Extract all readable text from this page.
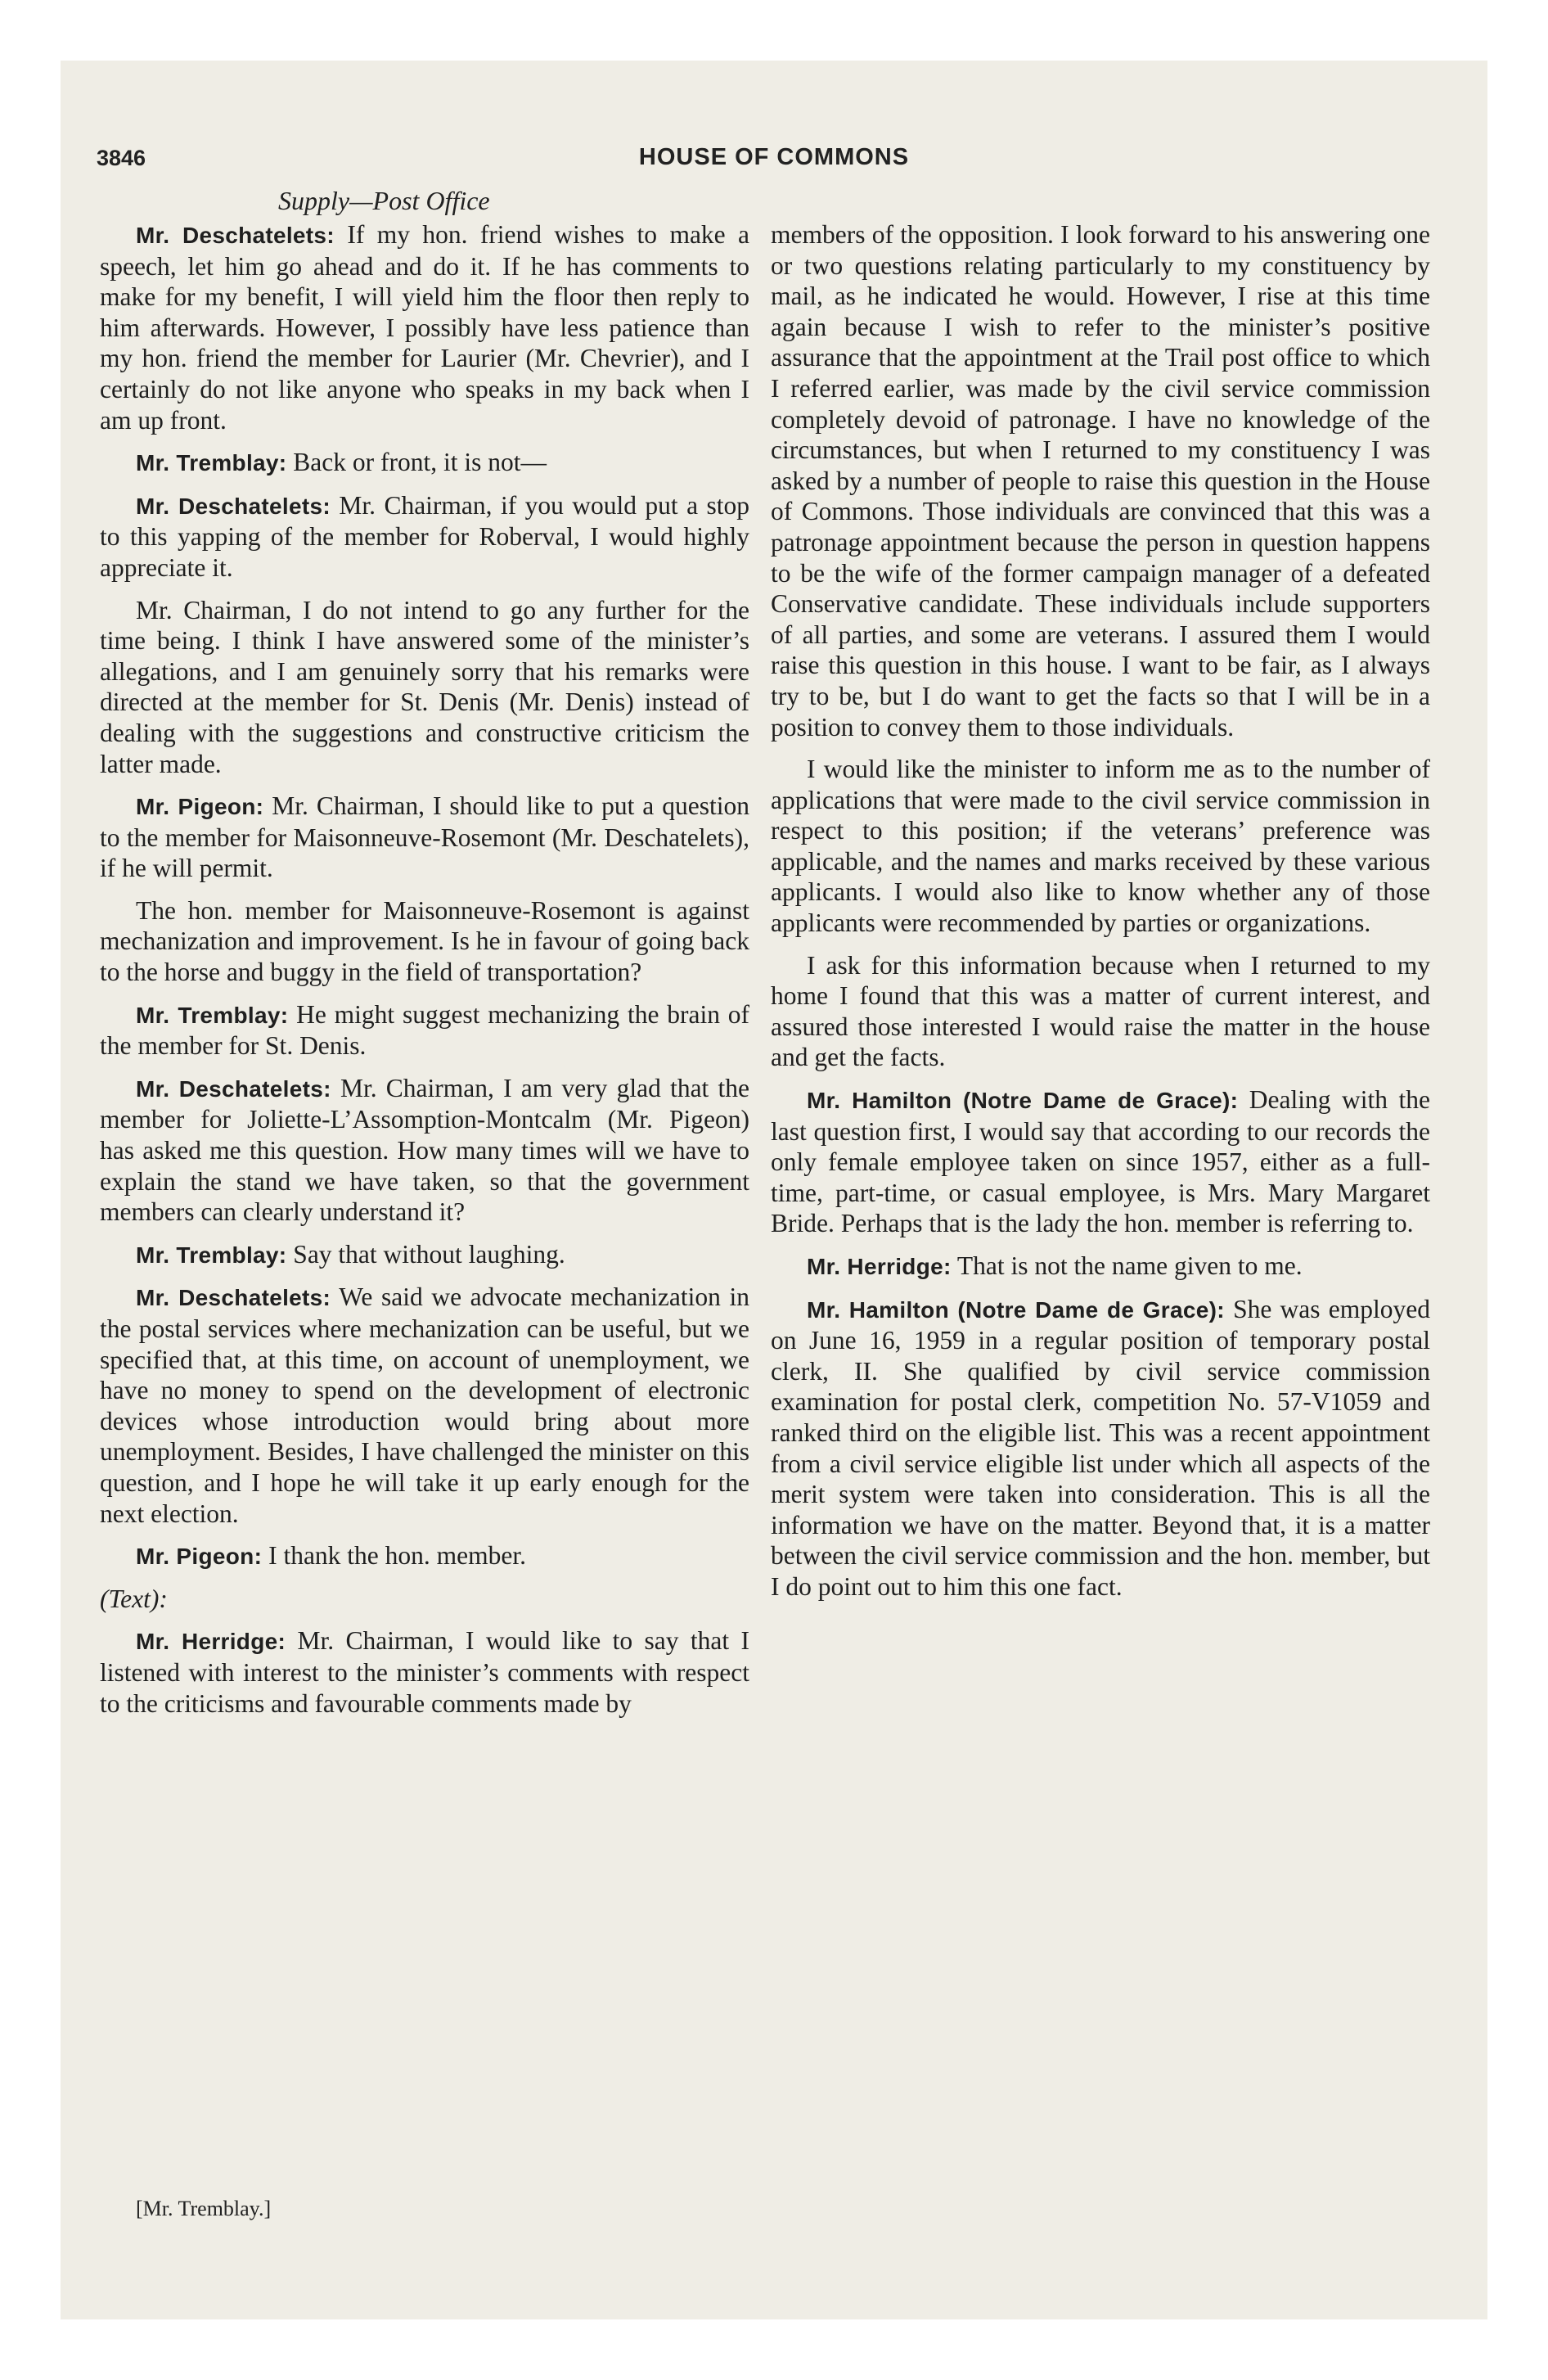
3846	HOUSE OF COMMONS
Supply—Post Office

Mr. Deschatelets: If my hon. friend wishes to make a speech, let him go ahead and do it. If he has comments to make for my benefit, I will yield him the floor then reply to him afterwards. However, I possibly have less patience than my hon. friend the member for Laurier (Mr. Chevrier), and I certainly do not like anyone who speaks in my back when I am up front.

Mr. Tremblay: Back or front, it is not—

Mr. Deschatelets: Mr. Chairman, if you would put a stop to this yapping of the member for Roberval, I would highly appreciate it.

Mr. Chairman, I do not intend to go any further for the time being. I think I have answered some of the minister’s allegations, and I am genuinely sorry that his remarks were directed at the member for St. Denis (Mr. Denis) instead of dealing with the suggestions and constructive criticism the latter made.

Mr. Pigeon: Mr. Chairman, I should like to put a question to the member for Maisonneuve-Rosemont (Mr. Deschatelets), if he will permit.

The hon. member for Maisonneuve-Rosemont is against mechanization and improvement. Is he in favour of going back to the horse and buggy in the field of transportation?

Mr. Tremblay: He might suggest mechanizing the brain of the member for St. Denis.

Mr. Deschatelets: Mr. Chairman, I am very glad that the member for Joliette-L’Assomption-Montcalm (Mr. Pigeon) has asked me this question. How many times will we have to explain the stand we have taken, so that the government members can clearly understand it?

Mr. Tremblay: Say that without laughing.

Mr. Deschatelets: We said we advocate mechanization in the postal services where mechanization can be useful, but we specified that, at this time, on account of unemployment, we have no money to spend on the development of electronic devices whose introduction would bring about more unemployment. Besides, I have challenged the minister on this question, and I hope he will take it up early enough for the next election.

Mr. Pigeon: I thank the hon. member.

(Text):

Mr. Herridge: Mr. Chairman, I would like to say that I listened with interest to the minister’s comments with respect to the criticisms and favourable comments made by

members of the opposition. I look forward to his answering one or two questions relating particularly to my constituency by mail, as he indicated he would. However, I rise at this time again because I wish to refer to the minister’s positive assurance that the appointment at the Trail post office to which I referred earlier, was made by the civil service commission completely devoid of patronage. I have no knowledge of the circumstances, but when I returned to my constituency I was asked by a number of people to raise this question in the House of Commons. Those individuals are convinced that this was a patronage appointment because the person in question happens to be the wife of the former campaign manager of a defeated Conservative candidate. These individuals include supporters of all parties, and some are veterans. I assured them I would raise this question in this house. I want to be fair, as I always try to be, but I do want to get the facts so that I will be in a position to convey them to those individuals.

I would like the minister to inform me as to the number of applications that were made to the civil service commission in respect to this position; if the veterans’ preference was applicable, and the names and marks received by these various applicants. I would also like to know whether any of those applicants were recommended by parties or organizations.

I ask for this information because when I returned to my home I found that this was a matter of current interest, and assured those interested I would raise the matter in the house and get the facts.

Mr. Hamilton (Notre Dame de Grace): Dealing with the last question first, I would say that according to our records the only female employee taken on since 1957, either as a full-time, part-time, or casual employee, is Mrs. Mary Margaret Bride. Perhaps that is the lady the hon. member is referring to.

Mr. Herridge: That is not the name given to me.

Mr. Hamilton (Notre Dame de Grace): She was employed on June 16, 1959 in a regular position of temporary postal clerk, II. She qualified by civil service commission examination for postal clerk, competition No. 57-V1059 and ranked third on the eligible list. This was a recent appointment from a civil service eligible list under which all aspects of the merit system were taken into consideration. This is all the information we have on the matter. Beyond that, it is a matter between the civil service commission and the hon. member, but I do point out to him this one fact.

[Mr. Tremblay.]
